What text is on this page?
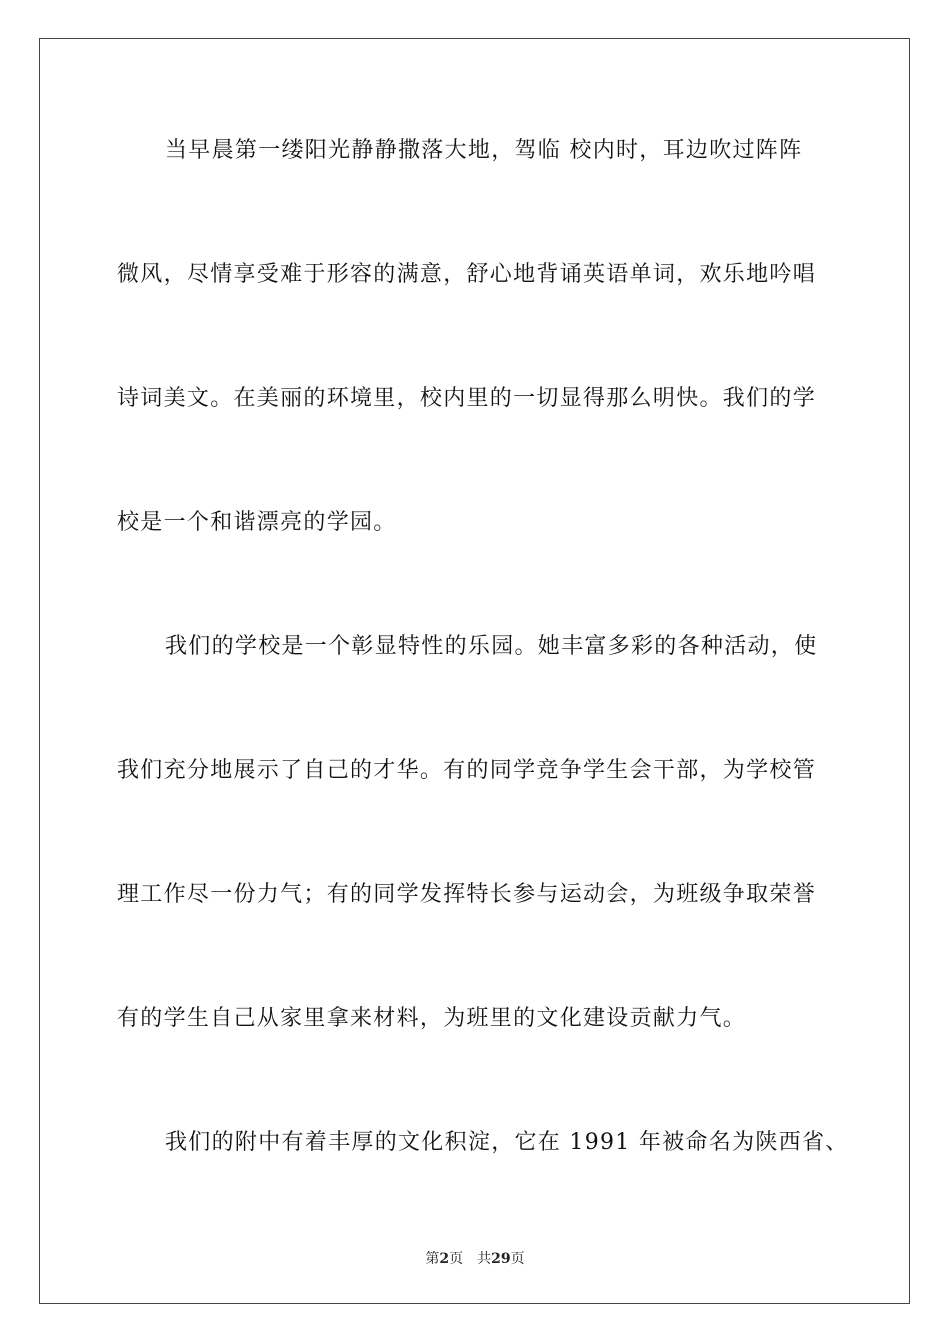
当早晨第一缕阳光静静撒落大地，驾临 校内时，耳边吹过阵阵
微风，尽情享受难于形容的满意，舒心地背诵英语单词，欢乐地吟唱
诗词美文。在美丽的环境里，校内里的一切显得那么明快。我们的学
校是一个和谐漂亮的学园。
我们的学校是一个彰显特性的乐园。她丰富多彩的各种活动，使
我们充分地展示了自己的才华。有的同学竞争学生会干部，为学校管
理工作尽一份力气；有的同学发挥特长参与运动会，为班级争取荣誉
有的学生自己从家里拿来材料，为班里的文化建设贡献力气。
我们的附中有着丰厚的文化积淀，它在 1991 年被命名为陕西省、
第2页 共29页
